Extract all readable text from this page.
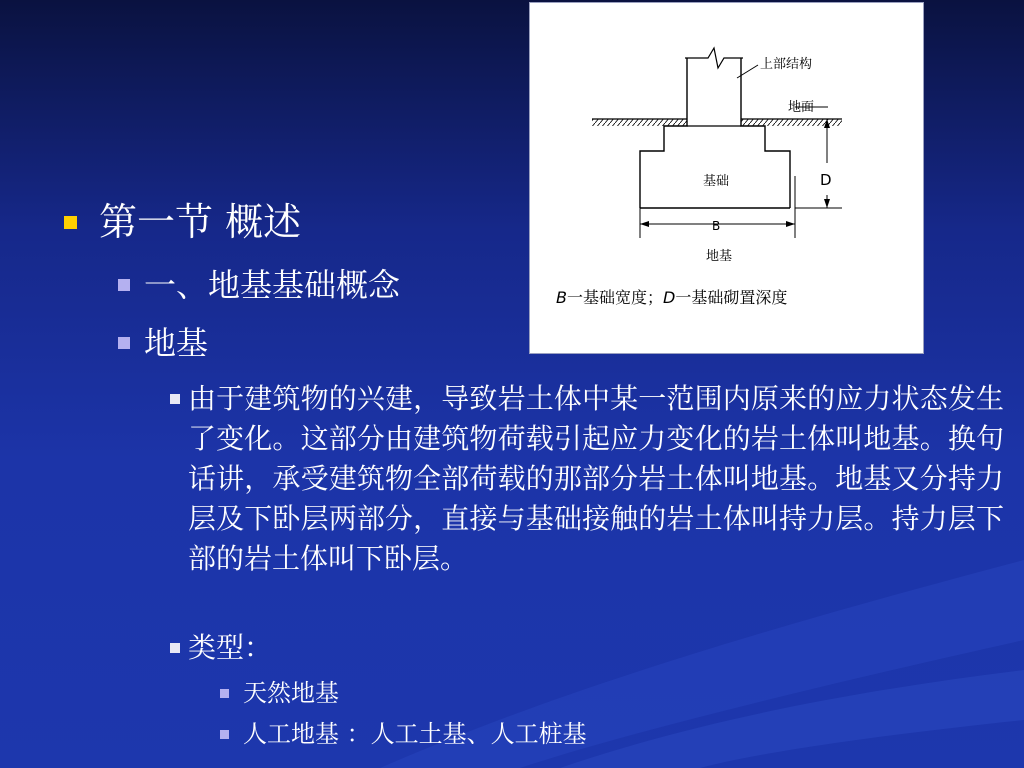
上部结构
地面
基础	D
B
地基
B一基础宽度；D一基础砌置深度
第一节 概述
一、地基基础概念
地基
由于建筑物的兴建，导致岩土体中某一范围内原来的应力状态发生了变化。这部分由建筑物荷载引起应力变化的岩土体叫地基。换句话讲，承受建筑物全部荷载的那部分岩土体叫地基。地基又分持力层及下卧层两部分，直接与基础接触的岩土体叫持力层。持力层下部的岩土体叫下卧层。
类型：
天然地基
人工地基 ：人工土基、人工桩基
